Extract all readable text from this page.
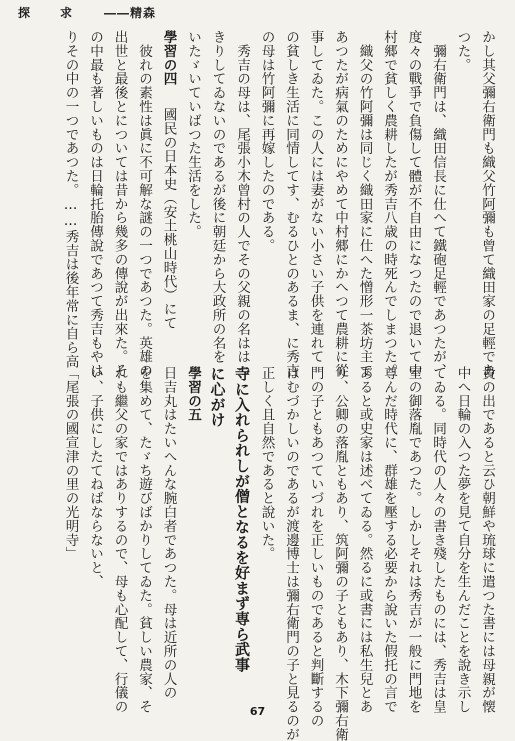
探　　求	――精森
かし其父彌右衛門も織父竹阿彌も曾て織田家の足輕であ
つた。
　彌右衛門は、織田信長に仕へて鐵砲足輕であつたが、
度々の戰爭で負傷して體が不自由になつたので退いて中
村郷で貧しく農耕したが秀吉八歳の時死んでしまつた。
　織父の竹阿彌は同じく織田家に仕へた憎形一茶坊主で
あつたが病氣のためにやめて中村郷にかへつて農耕に從
事してゐた。この人には妻がない小さい子供を連れて
の貧しき生活に同情してす、むるひとのあるま、に秀吉
の母は竹阿彌に再嫁したのである。
　秀吉の母は、尾張小木曾村の人でその父親の名ははつ
きりしてゐないのであるが後に朝廷から大政所の名を
いたゞいていばつた生活をした。
學習の四　國民の日本史（安土桃山時代）にて
　彼れの素性は眞に不可解な謎の一つであつた。英雄の
出世と最後とについては昔から幾多の傳說が出來た。そ
の中最も著しいものは日輪托胎傳說であつて秀吉もやは
りその中の一つであつた。……秀吉は後年常に自ら高
貴の出であると云ひ朝鮮や琉球に遣つた書には母親が懐
中へ日輪の入つた夢を見て自分を生んだことを說き示し
てゐる。同時代の人々の書き殘したものには、秀吉は皇
室の御落胤であつた。しかしそれは秀吉が一般に門地を
尊んだ時代に、群雄を壓する必要から說いた假托の言で
あると或史家は述べてゐる。然るに或書には私生兒とあ
り、公卿の落胤ともあり、筑阿彌の子ともあり、木下彌右衛
門の子ともあつていづれを正しいものであると判斷するの
はむづかしいのであるが渡邊博士は彌右衛門の子と見るのが
正しく且自然であると說いた。
寺に入れられしが僧となるを好まず専ら武事
に心がけ
學習の五　
日吉丸はたいへんな腕白者であつた。母は近所の人の
を集めて、たゞち遊びばかりしてゐた。貧しい農家、そ
れも繼父の家ではありするので、母も心配して、行儀の
い、子供にしたてねばならないと、
「尾張の國宣津の里の光明寺」
67
